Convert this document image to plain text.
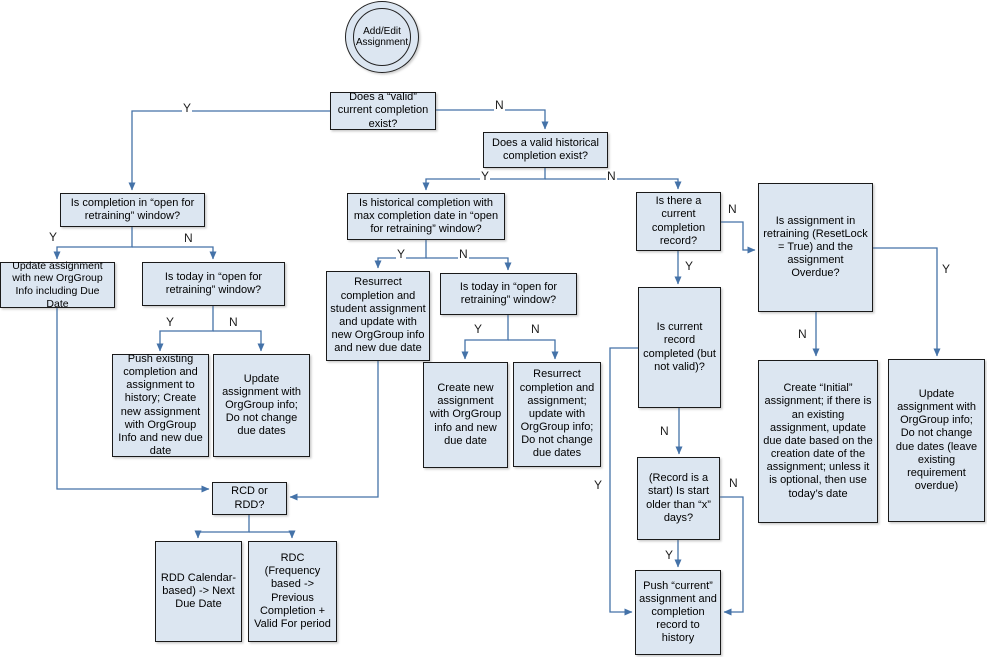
Add/Edit Assignment
Does a “valid” current completion exist?
Does a valid historical completion exist?
Is completion in “open for retraining” window?
Update assignment with new OrgGroup Info including Due Date
Is today in “open for retraining” window?
Push existing completion and assignment to history; Create new assignment with OrgGroup Info and new due date
Update assignment with OrgGroup info; Do not change due dates
Is historical completion with max completion date in “open for retraining” window?
Resurrect completion and student assignment and update with new OrgGroup info and new due date
Is today in “open for retraining” window?
Create new assignment with OrgGroup info and new due date
Resurrect completion and assignment; update with OrgGroup info; Do not change due dates
Is there a current completion record?
Is current record completed (but not valid)?
(Record is a start) Is start older than “x” days?
Push “current” assignment and completion record to history
Is assignment in retraining (ResetLock = True) and the assignment Overdue?
Create “Initial” assignment; if there is an existing assignment, update due date based on the creation date of the assignment; unless it is optional, then use today’s date
Update assignment with OrgGroup info; Do not change due dates (leave existing requirement overdue)
RCD or RDD?
RDD Calendar-based) -> Next Due Date
RDC (Frequency based -> Previous Completion + Valid For period
Y	N
Y	N
Y	N
Y	N
Y	N
Y	N
Y
N
N
Y
Y
N
N
Y
